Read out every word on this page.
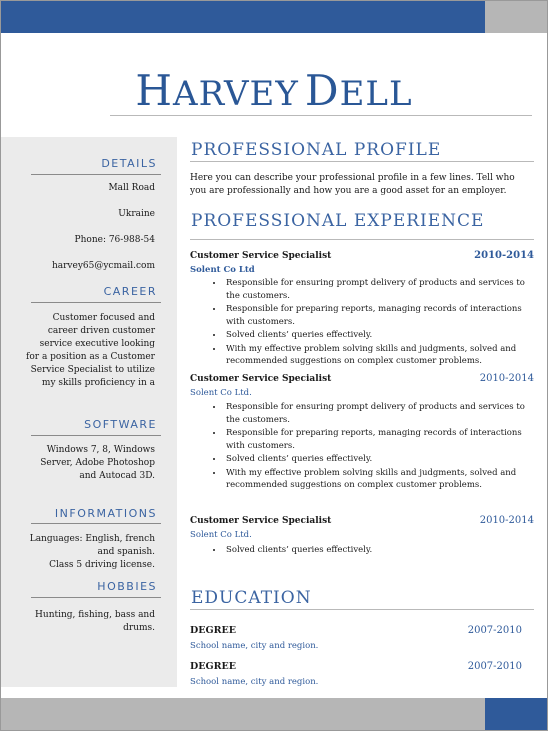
HARVEY DELL
DETAILS
Mall Road
Ukraine
Phone: 76-988-54
harvey65@ycmail.com
CAREER
Customer focused and
career driven customer
service executive looking
for a position as a Customer
Service Specialist to utilize
my skills proficiency in a
SOFTWARE
Windows 7, 8, Windows
Server, Adobe Photoshop
and Autocad 3D.
INFORMATIONS
Languages: English, french
and spanish.
Class 5 driving license.
HOBBIES
Hunting, fishing, bass and
drums.
PROFESSIONAL PROFILE
Here you can describe your professional profile in a few lines. Tell who you are professionally and how you are a good asset for an employer.
PROFESSIONAL EXPERIENCE
Customer Service Specialist	2010-2014
Solent Co Ltd
• Responsible for ensuring prompt delivery of products and services to the customers.
• Responsible for preparing reports, managing records of interactions with customers.
• Solved clients’ queries effectively.
• With my effective problem solving skills and judgments, solved and recommended suggestions on complex customer problems.
Customer Service Specialist	2010-2014
Solent Co Ltd.
• Responsible for ensuring prompt delivery of products and services to the customers.
• Responsible for preparing reports, managing records of interactions with customers.
• Solved clients’ queries effectively.
• With my effective problem solving skills and judgments, solved and recommended suggestions on complex customer problems.
Customer Service Specialist	2010-2014
Solent Co Ltd.
• Solved clients’ queries effectively.
EDUCATION
DEGREE	2007-2010
School name, city and region.
DEGREE	2007-2010
School name, city and region.
